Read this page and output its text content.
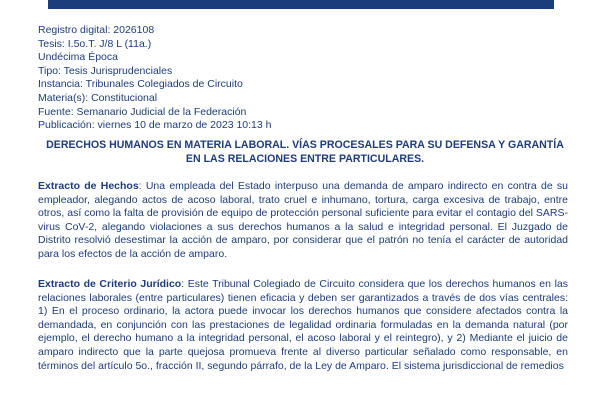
Registro digital: 2026108
Tesis: I.5o.T. J/8 L (11a.)
Undécima Época
Tipo: Tesis Jurisprudenciales
Instancia: Tribunales Colegiados de Circuito
Materia(s): Constitucional
Fuente: Semanario Judicial de la Federación
Publicación: viernes 10 de marzo de 2023 10:13 h
DERECHOS HUMANOS EN MATERIA LABORAL. VÍAS PROCESALES PARA SU DEFENSA Y GARANTÍA EN LAS RELACIONES ENTRE PARTICULARES.
Extracto de Hechos: Una empleada del Estado interpuso una demanda de amparo indirecto en contra de su empleador, alegando actos de acoso laboral, trato cruel e inhumano, tortura, carga excesiva de trabajo, entre otros, así como la falta de provisión de equipo de protección personal suficiente para evitar el contagio del SARS- virus CoV-2, alegando violaciones a sus derechos humanos a la salud e integridad personal. El Juzgado de Distrito resolvió desestimar la acción de amparo, por considerar que el patrón no tenía el carácter de autoridad para los efectos de la acción de amparo.
Extracto de Criterio Jurídico: Este Tribunal Colegiado de Circuito considera que los derechos humanos en las relaciones laborales (entre particulares) tienen eficacia y deben ser garantizados a través de dos vías centrales: 1) En el proceso ordinario, la actora puede invocar los derechos humanos que considere afectados contra la demandada, en conjunción con las prestaciones de legalidad ordinaria formuladas en la demanda natural (por ejemplo, el derecho humano a la integridad personal, el acoso laboral y el reintegro), y 2) Mediante el juicio de amparo indirecto que la parte quejosa promueva frente al diverso particular señalado como responsable, en términos del artículo 5o., fracción II, segundo párrafo, de la Ley de Amparo. El sistema jurisdiccional de remedios
